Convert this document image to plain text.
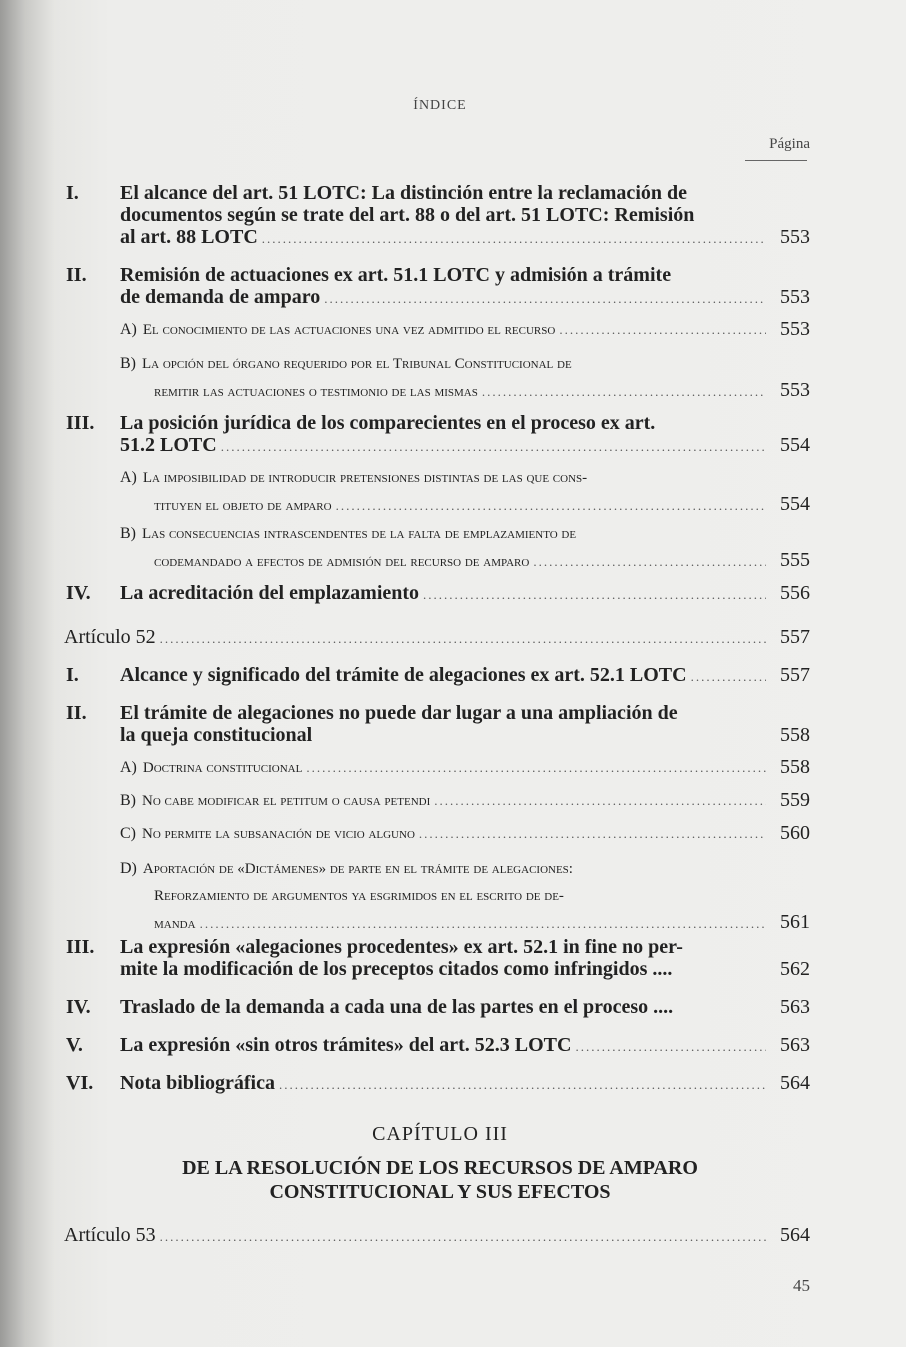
ÍNDICE
Página
I. El alcance del art. 51 LOTC: La distinción entre la reclamación de
documentos según se trate del art. 88 o del art. 51 LOTC: Remisión
al art. 88 LOTC .....	553
II. Remisión de actuaciones ex art. 51.1 LOTC y admisión a trámite
de demanda de amparo .....	553
A) El conocimiento de las actuaciones una vez admitido el recurso .....	553
B) La opción del órgano requerido por el Tribunal Constitucional de
remitir las actuaciones o testimonio de las mismas .....	553
III. La posición jurídica de los comparecientes en el proceso ex art.
51.2 LOTC .....	554
A) La imposibilidad de introducir pretensiones distintas de las que cons-
tituyen el objeto de amparo .....	554
B) Las consecuencias intrascendentes de la falta de emplazamiento de
codemandado a efectos de admisión del recurso de amparo .....	555
IV. La acreditación del emplazamiento .....	556
Artículo 52 .....	557
I. Alcance y significado del trámite de alegaciones ex art. 52.1 LOTC .....	557
II. El trámite de alegaciones no puede dar lugar a una ampliación de
la queja constitucional	558
A) Doctrina constitucional .....	558
B) No cabe modificar el petitum o causa petendi .....	559
C) No permite la subsanación de vicio alguno .....	560
D) Aportación de «Dictámenes» de parte en el trámite de alegaciones:
Reforzamiento de argumentos ya esgrimidos en el escrito de de-
manda .....	561
III. La expresión «alegaciones procedentes» ex art. 52.1 in fine no per-
mite la modificación de los preceptos citados como infringidos ....	562
IV. Traslado de la demanda a cada una de las partes en el proceso ....	563
V. La expresión «sin otros trámites» del art. 52.3 LOTC .....	563
VI. Nota bibliográfica .....	564
CAPÍTULO III
DE LA RESOLUCIÓN DE LOS RECURSOS DE AMPARO
CONSTITUCIONAL Y SUS EFECTOS
Artículo 53 .....	564
45
